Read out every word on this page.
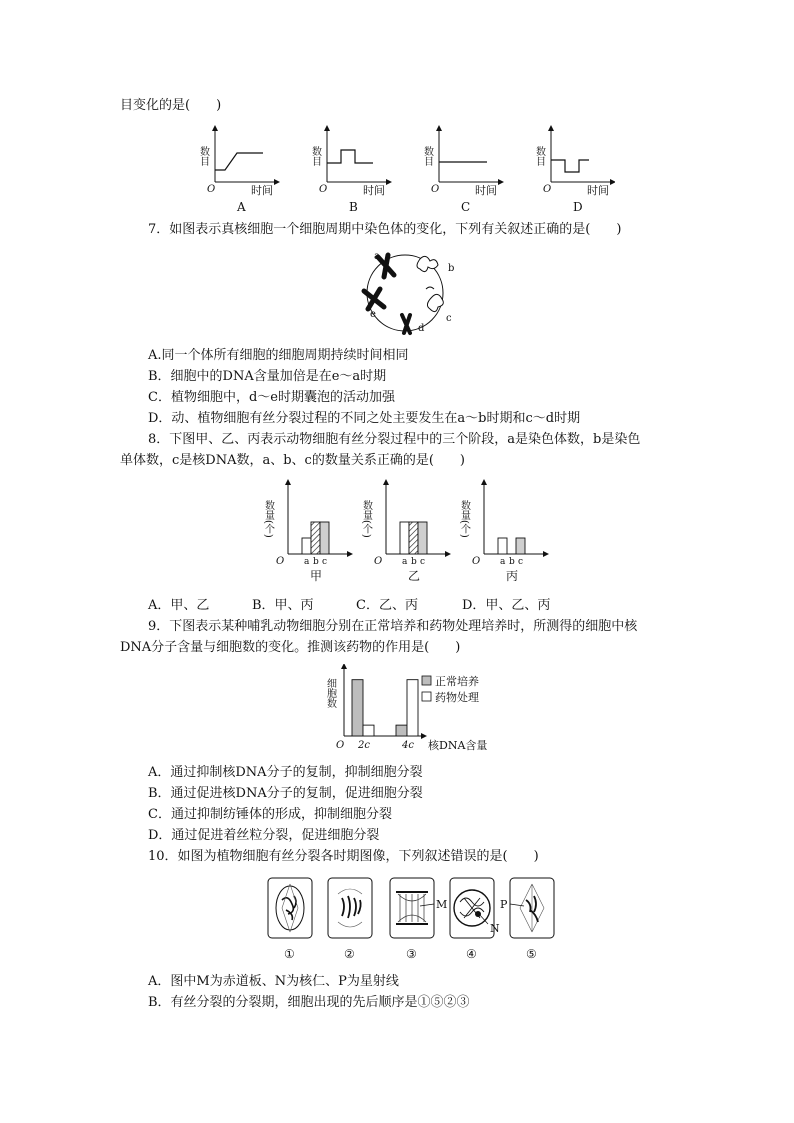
目变化的是(　　)
数目
O	时间
A
数目
O	时间
B
数目
O	时间
C
数目
O	时间
D
7．如图表示真核细胞一个细胞周期中染色体的变化，下列有关叙述正确的是(　　)
a
b
c
d
e
A.同一个体所有细胞的细胞周期持续时间相同
B．细胞中的DNA含量加倍是在e～a时期
C．植物细胞中，d～e时期囊泡的活动加强
D．动、植物细胞有丝分裂过程的不同之处主要发生在a～b时期和c～d时期
8．下图甲、乙、丙表示动物细胞有丝分裂过程中的三个阶段，a是染色体数，b是染色
单体数，c是核DNA数，a、b、c的数量关系正确的是(　　)
数量(个)
O a b c
甲
数量(个)
O a b c
乙
数量(个)
O a b c
丙
A．甲、乙	B．甲、丙	C．乙、丙	D．甲、乙、丙
9．下图表示某种哺乳动物细胞分别在正常培养和药物处理培养时，所测得的细胞中核
DNA分子含量与细胞数的变化。推测该药物的作用是(　　)
细胞数
O 2c	4c 核DNA含量
正常培养
药物处理
A．通过抑制核DNA分子的复制，抑制细胞分裂
B．通过促进核DNA分子的复制，促进细胞分裂
C．通过抑制纺锤体的形成，抑制细胞分裂
D．通过促进着丝粒分裂，促进细胞分裂
10．如图为植物细胞有丝分裂各时期图像，下列叙述错误的是(　　)
①	②	③	④	⑤
M
N
P
A．图中M为赤道板、N为核仁、P为星射线
B．有丝分裂的分裂期，细胞出现的先后顺序是①⑤②③
